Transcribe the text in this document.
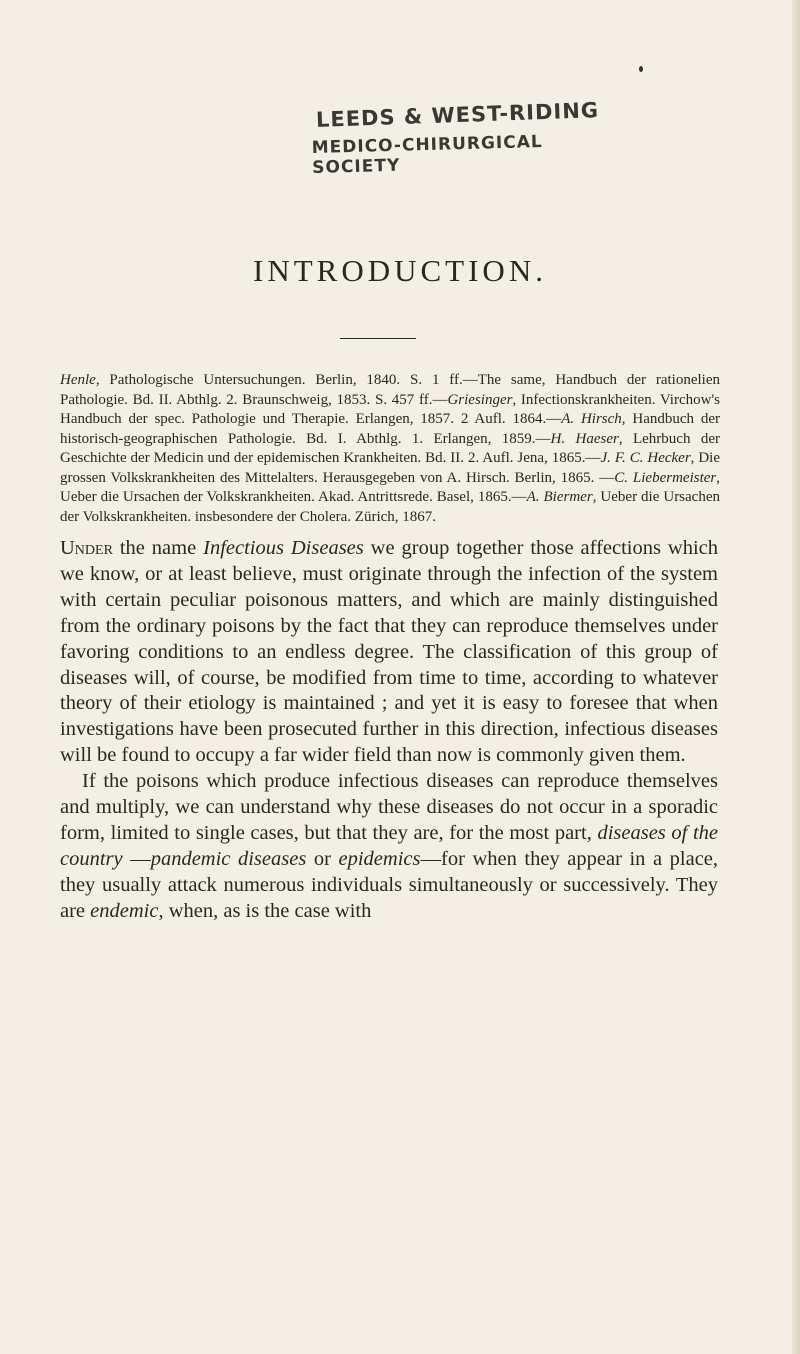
LEEDS & WEST-RIDING
MEDICO-CHIRURGICAL SOCIETY
INTRODUCTION.
Henle, Pathologische Untersuchungen. Berlin, 1840. S. 1 ff.—The same, Handbuch der rationelien Pathologie. Bd. II. Abthlg. 2. Braunschweig, 1853. S. 457 ff.—Griesinger, Infectionskrankheiten. Virchow's Handbuch der spec. Pathologie und Therapie. Erlangen, 1857. 2 Aufl. 1864.—A. Hirsch, Handbuch der historisch-geographischen Pathologie. Bd. I. Abthlg. 1. Erlangen, 1859.—H. Haeser, Lehrbuch der Geschichte der Medicin und der epidemischen Krankheiten. Bd. II. 2. Aufl. Jena, 1865.—J. F. C. Hecker, Die grossen Volkskrankheiten des Mittelalters. Herausgegeben von A. Hirsch. Berlin, 1865. —C. Liebermeister, Ueber die Ursachen der Volkskrankheiten. Akad. Antrittsrede. Basel, 1865.—A. Biermer, Ueber die Ursachen der Volkskrankheiten. insbesondere der Cholera. Zürich, 1867.

Under the name Infectious Diseases we group together those affections which we know, or at least believe, must originate through the infection of the system with certain peculiar poisonous matters, and which are mainly distinguished from the ordinary poisons by the fact that they can reproduce themselves under favoring conditions to an endless degree. The classification of this group of diseases will, of course, be modified from time to time, according to whatever theory of their etiology is maintained ; and yet it is easy to foresee that when investigations have been prosecuted further in this direction, infectious diseases will be found to occupy a far wider field than now is commonly given them.

If the poisons which produce infectious diseases can reproduce themselves and multiply, we can understand why these diseases do not occur in a sporadic form, limited to single cases, but that they are, for the most part, diseases of the country —pandemic diseases or epidemics—for when they appear in a place, they usually attack numerous individuals simultaneously or successively. They are endemic, when, as is the case with
